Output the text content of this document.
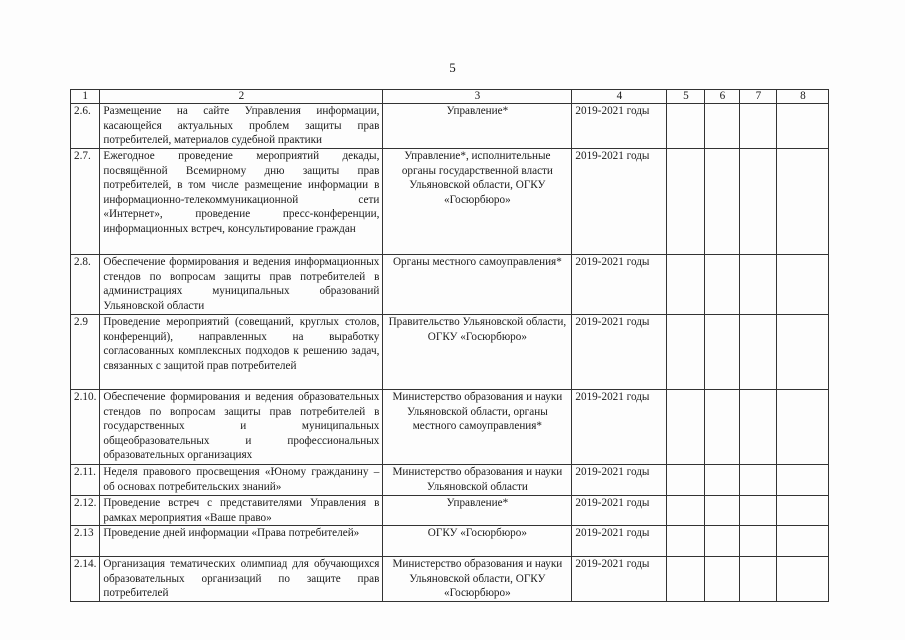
5
1	2	3	4	5	6	7	8
2.6.	Размещение на сайте Управления информации, касающейся актуальных проблем защиты прав потребителей, материалов судебной практики	Управление*	2019-2021 годы				
2.7.	Ежегодное проведение мероприятий декады, посвящённой Всемирному дню защиты прав потребителей, в том числе размещение информации в информационно-телекоммуникационной сети «Интернет», проведение пресс-конференции, информационных встреч, консультирование граждан	Управление*, исполнительные органы государственной власти Ульяновской области, ОГКУ «Госюрбюро»	2019-2021 годы				
2.8.	Обеспечение формирования и ведения информационных стендов по вопросам защиты прав потребителей в администрациях муниципальных образований Ульяновской области	Органы местного самоуправления*	2019-2021 годы				
2.9	Проведение мероприятий (совещаний, круглых столов, конференций), направленных на выработку согласованных комплексных подходов к решению задач, связанных с защитой прав потребителей	Правительство Ульяновской области, ОГКУ «Госюрбюро»	2019-2021 годы				
2.10.	Обеспечение формирования и ведения образовательных стендов по вопросам защиты прав потребителей в государственных и муниципальных общеобразовательных и профессиональных образовательных организациях	Министерство образования и науки Ульяновской области, органы местного самоуправления*	2019-2021 годы				
2.11.	Неделя правового просвещения «Юному гражданину – об основах потребительских знаний»	Министерство образования и науки Ульяновской области	2019-2021 годы				
2.12.	Проведение встреч с представителями Управления в рамках мероприятия «Ваше право»	Управление*	2019-2021 годы				
2.13	Проведение дней информации «Права потребителей»	ОГКУ «Госюрбюро»	2019-2021 годы				
2.14.	Организация тематических олимпиад для обучающихся образовательных организаций по защите прав потребителей	Министерство образования и науки Ульяновской области, ОГКУ «Госюрбюро»	2019-2021 годы				
